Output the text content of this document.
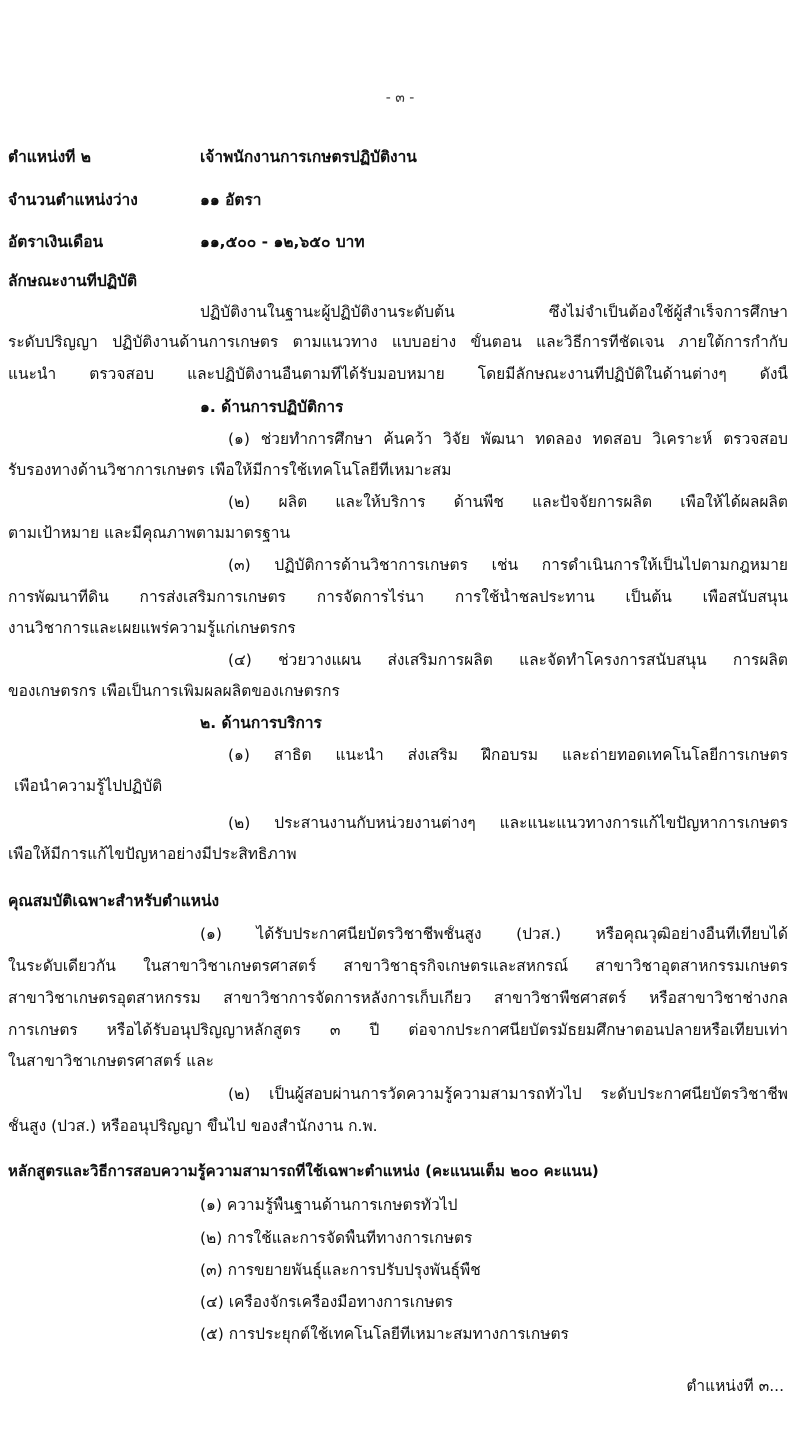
- ๓ -
ตำแหน่งที่ ๒	เจ้าพนักงานการเกษตรปฏิบัติงาน
จำนวนตำแหน่งว่าง	๑๑ อัตรา
อัตราเงินเดือน	๑๑,๕๐๐ - ๑๒,๖๕๐ บาท
ลักษณะงานที่ปฏิบัติ
ปฏิบัติงานในฐานะผู้ปฏิบัติงานระดับต้น ซึ่งไม่จำเป็นต้องใช้ผู้สำเร็จการศึกษา
ระดับปริญญา ปฏิบัติงานด้านการเกษตร ตามแนวทาง แบบอย่าง ขั้นตอน และวิธีการที่ชัดเจน ภายใต้การกำกับ
แนะนำ ตรวจสอบ และปฏิบัติงานอื่นตามที่ได้รับมอบหมาย โดยมีลักษณะงานที่ปฏิบัติในด้านต่างๆ ดังนี้
๑. ด้านการปฏิบัติการ
(๑) ช่วยทำการศึกษา ค้นคว้า วิจัย พัฒนา ทดลอง ทดสอบ วิเคราะห์ ตรวจสอบ
รับรองทางด้านวิชาการเกษตร เพื่อให้มีการใช้เทคโนโลยีที่เหมาะสม
(๒) ผลิต และให้บริการ ด้านพืช และปัจจัยการผลิต เพื่อให้ได้ผลผลิต
ตามเป้าหมาย และมีคุณภาพตามมาตรฐาน
(๓) ปฏิบัติการด้านวิชาการเกษตร เช่น การดำเนินการให้เป็นไปตามกฎหมาย
การพัฒนาที่ดิน การส่งเสริมการเกษตร การจัดการไร่นา การใช้น้ำชลประทาน เป็นต้น เพื่อสนับสนุน
งานวิชาการและเผยแพร่ความรู้แก่เกษตรกร
(๔) ช่วยวางแผน ส่งเสริมการผลิต และจัดทำโครงการสนับสนุน การผลิต
ของเกษตรกร เพื่อเป็นการเพิ่มผลผลิตของเกษตรกร
๒. ด้านการบริการ
(๑) สาธิต แนะนำ ส่งเสริม ฝึกอบรม และถ่ายทอดเทคโนโลยีการเกษตร
เพื่อนำความรู้ไปปฏิบัติ
(๒) ประสานงานกับหน่วยงานต่างๆ และแนะแนวทางการแก้ไขปัญหาการเกษตร
เพื่อให้มีการแก้ไขปัญหาอย่างมีประสิทธิภาพ
คุณสมบัติเฉพาะสำหรับตำแหน่ง
(๑) ได้รับประกาศนียบัตรวิชาชีพชั้นสูง (ปวส.) หรือคุณวุฒิอย่างอื่นที่เทียบได้
ในระดับเดียวกัน ในสาขาวิชาเกษตรศาสตร์ สาขาวิชาธุรกิจเกษตรและสหกรณ์ สาขาวิชาอุตสาหกรรมเกษตร
สาขาวิชาเกษตรอุตสาหกรรม สาขาวิชาการจัดการหลังการเก็บเกี่ยว สาขาวิชาพืชศาสตร์ หรือสาขาวิชาช่างกล
การเกษตร หรือได้รับอนุปริญญาหลักสูตร ๓ ปี ต่อจากประกาศนียบัตรมัธยมศึกษาตอนปลายหรือเทียบเท่า
ในสาขาวิชาเกษตรศาสตร์ และ
(๒) เป็นผู้สอบผ่านการวัดความรู้ความสามารถทั่วไป ระดับประกาศนียบัตรวิชาชีพ
ชั้นสูง (ปวส.) หรืออนุปริญญา ขึ้นไป ของสำนักงาน ก.พ.
หลักสูตรและวิธีการสอบความรู้ความสามารถที่ใช้เฉพาะตำแหน่ง (คะแนนเต็ม ๒๐๐ คะแนน)
(๑) ความรู้พื้นฐานด้านการเกษตรทั่วไป
(๒) การใช้และการจัดพื้นที่ทางการเกษตร
(๓) การขยายพันธุ์และการปรับปรุงพันธุ์พืช
(๔) เครื่องจักรเครื่องมือทางการเกษตร
(๕) การประยุกต์ใช้เทคโนโลยีที่เหมาะสมทางการเกษตร
ตำแหน่งที่ ๓...
